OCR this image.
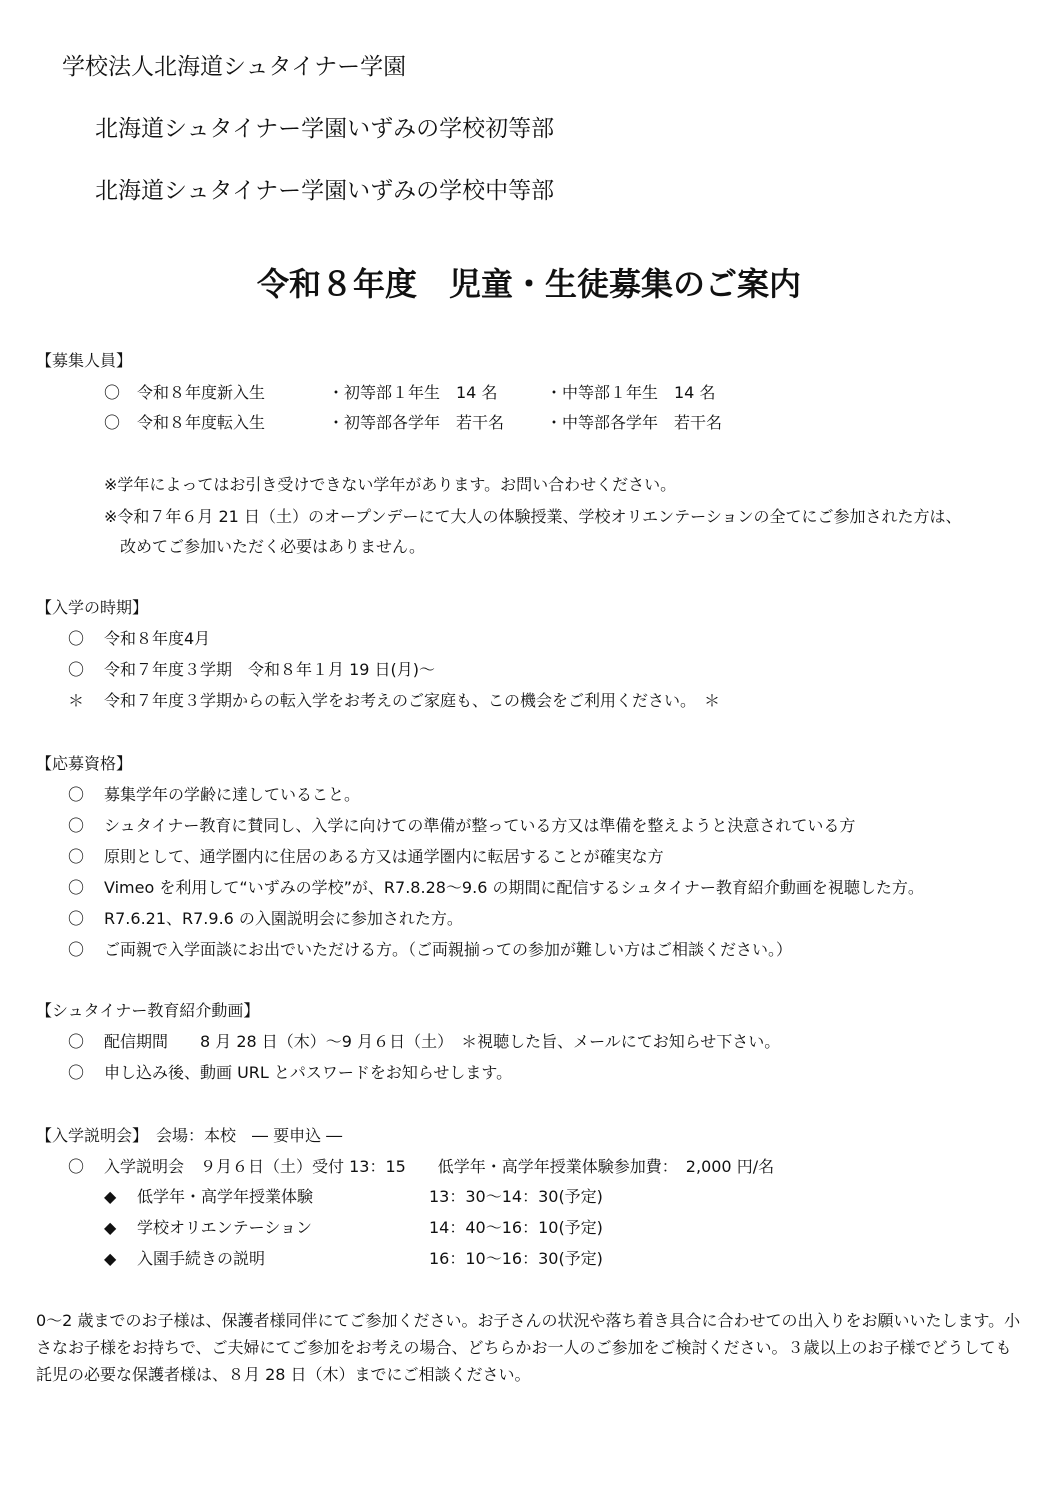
学校法人北海道シュタイナー学園
北海道シュタイナー学園いずみの学校初等部
北海道シュタイナー学園いずみの学校中等部
令和８年度　児童・生徒募集のご案内
【募集人員】
〇 令和８年度新入生	・初等部１年生　14 名	・中等部１年生　14 名
〇 令和８年度転入生	・初等部各学年　若干名	・中等部各学年　若干名
※学年によってはお引き受けできない学年があります。お問い合わせください。
※令和７年６月 21 日（土）のオープンデーにて大人の体験授業、学校オリエンテーションの全てにご参加された方は、
改めてご参加いただく必要はありません。
【入学の時期】
〇 令和８年度4月
〇 令和７年度３学期　令和８年１月 19 日(月)～
＊ 令和７年度３学期からの転入学をお考えのご家庭も、この機会をご利用ください。　＊
【応募資格】
〇 募集学年の学齢に達していること。
〇 シュタイナー教育に賛同し、入学に向けての準備が整っている方又は準備を整えようと決意されている方
〇 原則として、通学圏内に住居のある方又は通学圏内に転居することが確実な方
〇 Vimeo を利用して“いずみの学校”が、R7.8.28～9.6 の期間に配信するシュタイナー教育紹介動画を視聴した方。
〇 R7.6.21、R7.9.6 の入園説明会に参加された方。
〇 ご両親で入学面談にお出でいただける方。（ご両親揃っての参加が難しい方はご相談ください。）
【シュタイナー教育紹介動画】
〇 配信期間　　8 月 28 日（木）～9 月６日（土）　＊視聴した旨、メールにてお知らせ下さい。
〇 申し込み後、動画 URL とパスワードをお知らせします。
【入学説明会】　会場：本校　― 要申込 ―
〇 入学説明会　９月６日（土）受付 13：15　　低学年・高学年授業体験参加費：　2,000 円/名
◆ 低学年・高学年授業体験	13：30～14：30(予定)
◆ 学校オリエンテーション	14：40～16：10(予定)
◆ 入園手続きの説明	16：10～16：30(予定)
0～2 歳までのお子様は、保護者様同伴にてご参加ください。お子さんの状況や落ち着き具合に合わせての出入りをお願いいたします。小さなお子様をお持ちで、ご夫婦にてご参加をお考えの場合、どちらかお一人のご参加をご検討ください。３歳以上のお子様でどうしても託児の必要な保護者様は、８月 28 日（木）までにご相談ください。
